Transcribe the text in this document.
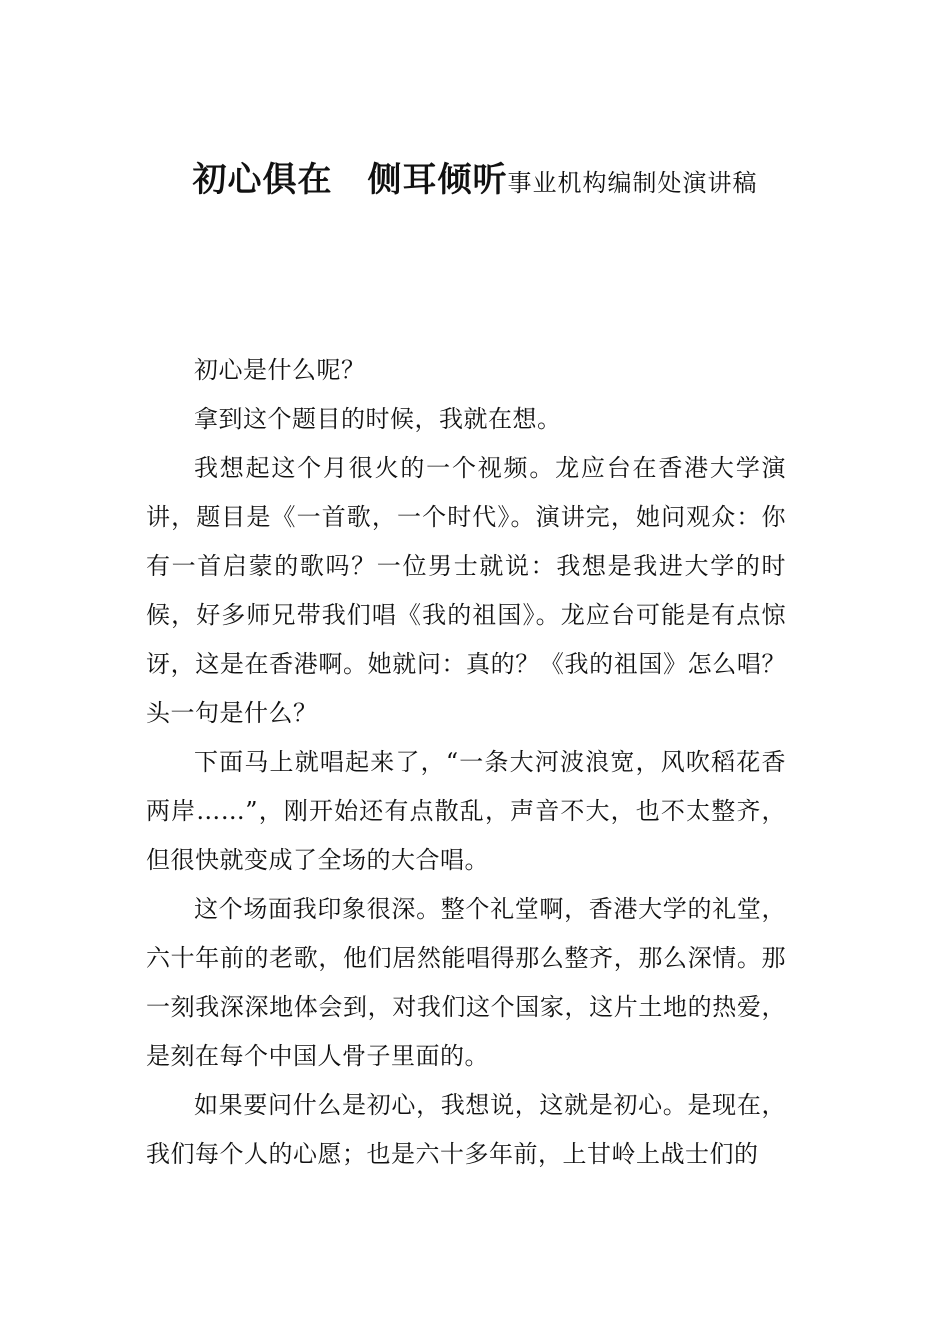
初心俱在　侧耳倾听事业机构编制处演讲稿

初心是什么呢？

拿到这个题目的时候，我就在想。

我想起这个月很火的一个视频。龙应台在香港大学演讲，题目是《一首歌，一个时代》。演讲完，她问观众：你有一首启蒙的歌吗？一位男士就说：我想是我进大学的时候，好多师兄带我们唱《我的祖国》。龙应台可能是有点惊讶，这是在香港啊。她就问：真的？《我的祖国》怎么唱？头一句是什么？

下面马上就唱起来了，“一条大河波浪宽，风吹稻花香两岸……”，刚开始还有点散乱，声音不大，也不太整齐，但很快就变成了全场的大合唱。

这个场面我印象很深。整个礼堂啊，香港大学的礼堂，六十年前的老歌，他们居然能唱得那么整齐，那么深情。那一刻我深深地体会到，对我们这个国家，这片土地的热爱，是刻在每个中国人骨子里面的。

如果要问什么是初心，我想说，这就是初心。是现在，我们每个人的心愿；也是六十多年前，上甘岭上战士们的
